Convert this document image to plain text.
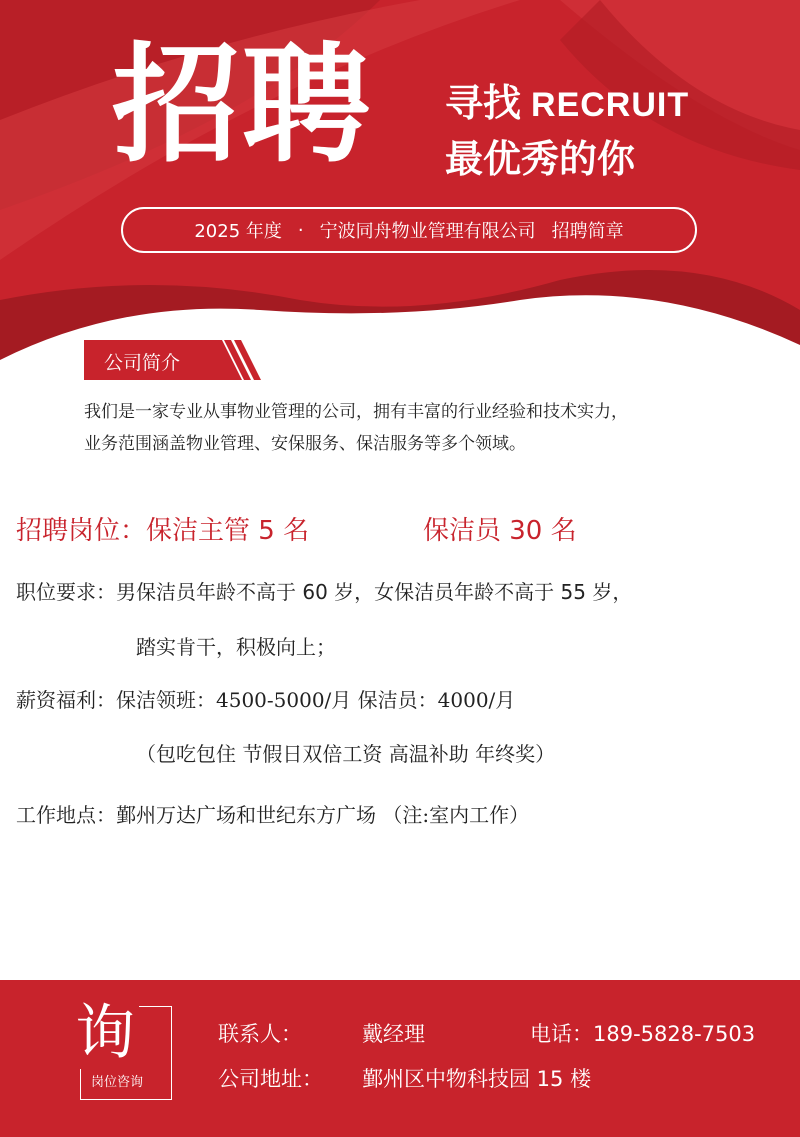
招聘 寻找 RECRUIT
最优秀的你
2025 年度 · 宁波同舟物业管理有限公司 招聘简章
公司简介
我们是一家专业从事物业管理的公司，拥有丰富的行业经验和技术实力，
业务范围涵盖物业管理、安保服务、保洁服务等多个领域。
招聘岗位：保洁主管 5 名	保洁员 30 名
职位要求：男保洁员年龄不高于 60 岁，女保洁员年龄不高于 55 岁，
踏实肯干，积极向上；
薪资福利：保洁领班：4500-5000/月 保洁员：4000/月
（包吃包住 节假日双倍工资 高温补助 年终奖）
工作地点：鄞州万达广场和世纪东方广场 （注:室内工作）
询
岗位咨询
联系人：	戴经理	电话：189-5828-7503
公司地址： 鄞州区中物科技园 15 楼
